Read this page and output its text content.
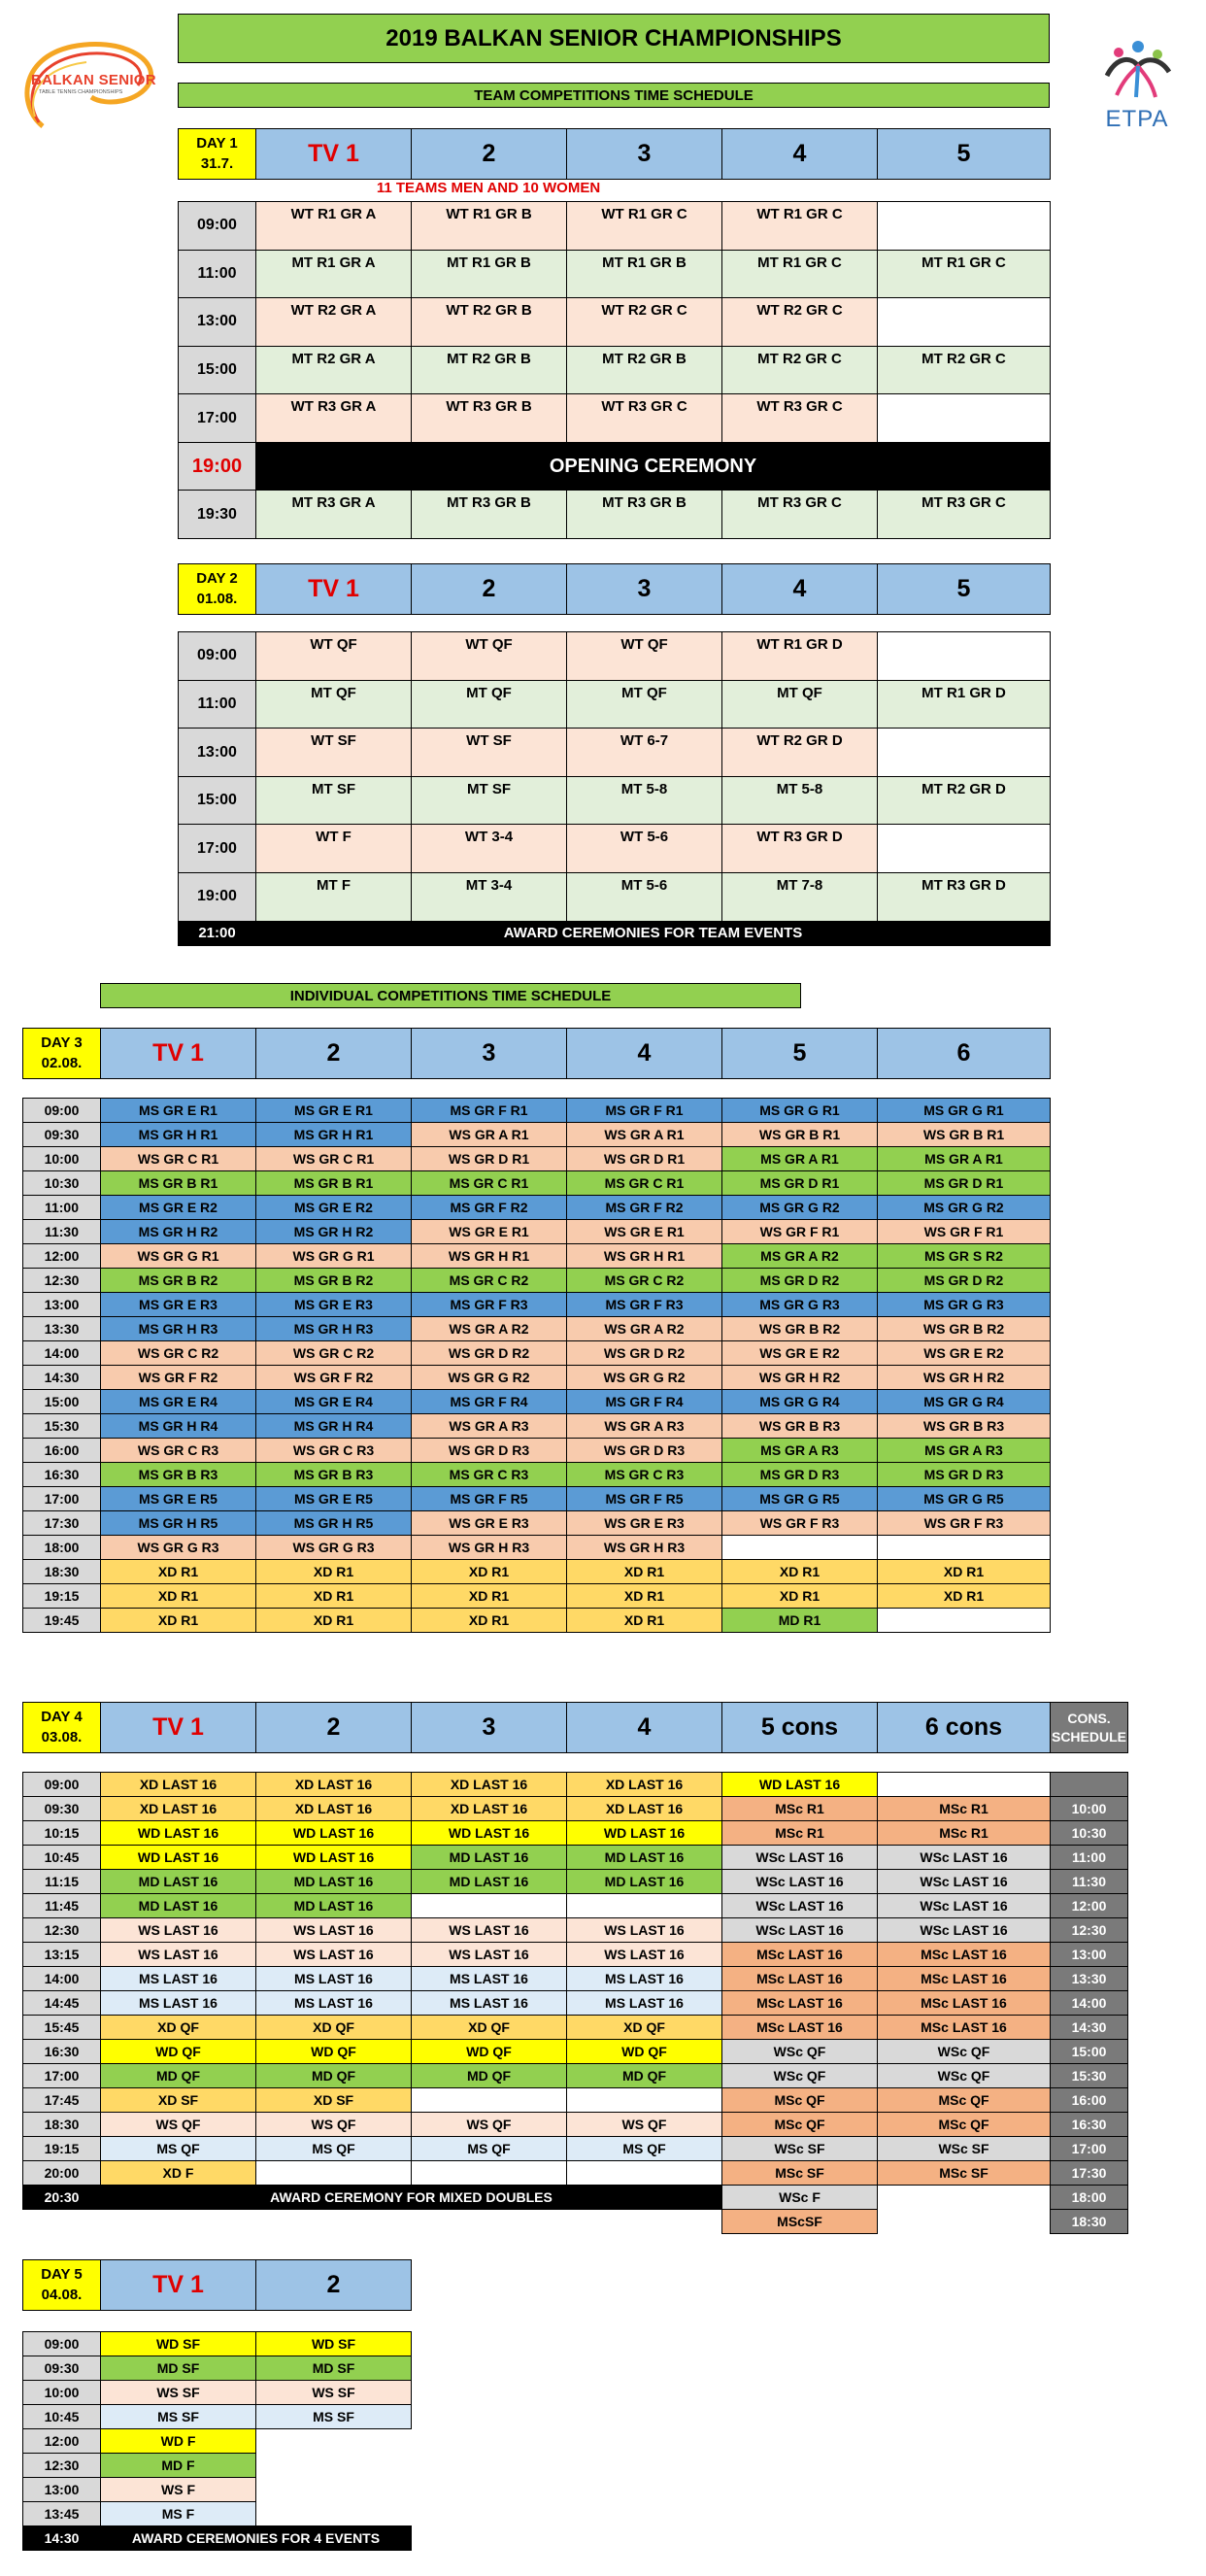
BALKAN SENIOR
TABLE TENNIS CHAMPIONSHIPS
ETPA
2019 BALKAN SENIOR CHAMPIONSHIPS
TEAM COMPETITIONS TIME SCHEDULE
DAY 1
31.7.	TV 1	2	3	4	5
11 TEAMS MEN AND 10 WOMEN
09:00	WT R1 GR A	WT R1 GR B	WT R1 GR C	WT R1 GR C	
11:00	MT R1 GR A	MT R1 GR B	MT R1 GR B	MT R1 GR C	MT R1 GR C
13:00	WT R2 GR A	WT R2 GR B	WT R2 GR C	WT R2 GR C	
15:00	MT R2 GR A	MT R2 GR B	MT R2 GR B	MT R2 GR C	MT R2 GR C
17:00	WT R3 GR A	WT R3 GR B	WT R3 GR C	WT R3 GR C	
19:00	OPENING CEREMONY				
19:30	MT R3 GR A	MT R3 GR B	MT R3 GR B	MT R3 GR C	MT R3 GR C
DAY 2
01.08.	TV 1	2	3	4	5
09:00	WT QF	WT QF	WT QF	WT R1 GR D	
11:00	MT QF	MT QF	MT QF	MT QF	MT R1 GR D
13:00	WT SF	WT SF	WT 6-7	WT R2 GR D	
15:00	MT SF	MT SF	MT 5-8	MT 5-8	MT R2 GR D
17:00	WT F	WT 3-4	WT 5-6	WT R3 GR D	
19:00	MT F	MT 3-4	MT 5-6	MT 7-8	MT R3 GR D
21:00	AWARD CEREMONIES FOR TEAM EVENTS				
INDIVIDUAL COMPETITIONS TIME SCHEDULE
DAY 3
02.08.	TV 1	2	3	4	5	6
09:00	MS GR E R1	MS GR E R1	MS GR F R1	MS GR F R1	MS GR G R1	MS GR G R1
09:30	MS GR H R1	MS GR H R1	WS GR A R1	WS GR A R1	WS GR B R1	WS GR B R1
10:00	WS GR C R1	WS GR C R1	WS GR D R1	WS GR D R1	MS GR A R1	MS GR A R1
10:30	MS GR B R1	MS GR B R1	MS GR C R1	MS GR C R1	MS GR D R1	MS GR D R1
11:00	MS GR E R2	MS GR E R2	MS GR F R2	MS GR F R2	MS GR G R2	MS GR G R2
11:30	MS GR H R2	MS GR H R2	WS GR E R1	WS GR E R1	WS GR F R1	WS GR F R1
12:00	WS GR G R1	WS GR G R1	WS GR H R1	WS GR H R1	MS GR A R2	MS GR S R2
12:30	MS GR B R2	MS GR B R2	MS GR C R2	MS GR C R2	MS GR D R2	MS GR D R2
13:00	MS GR E R3	MS GR E R3	MS GR F R3	MS GR F R3	MS GR G R3	MS GR G R3
13:30	MS GR H R3	MS GR H R3	WS GR A R2	WS GR A R2	WS GR B R2	WS GR B R2
14:00	WS GR C R2	WS GR C R2	WS GR D R2	WS GR D R2	WS GR E R2	WS GR E R2
14:30	WS GR F R2	WS GR F R2	WS GR G R2	WS GR G R2	WS GR H R2	WS GR H R2
15:00	MS GR E R4	MS GR E R4	MS GR F R4	MS GR F R4	MS GR G R4	MS GR G R4
15:30	MS GR H R4	MS GR H R4	WS GR A R3	WS GR A R3	WS GR B R3	WS GR B R3
16:00	WS GR C R3	WS GR C R3	WS GR D R3	WS GR D R3	MS GR A R3	MS GR A R3
16:30	MS GR B R3	MS GR B R3	MS GR C R3	MS GR C R3	MS GR D R3	MS GR D R3
17:00	MS GR E R5	MS GR E R5	MS GR F R5	MS GR F R5	MS GR G R5	MS GR G R5
17:30	MS GR H R5	MS GR H R5	WS GR E R3	WS GR E R3	WS GR F R3	WS GR F R3
18:00	WS GR G R3	WS GR G R3	WS GR H R3	WS GR H R3		
18:30	XD R1	XD R1	XD R1	XD R1	XD R1	XD R1
19:15	XD R1	XD R1	XD R1	XD R1	XD R1	XD R1
19:45	XD R1	XD R1	XD R1	XD R1	MD R1	
DAY 4
03.08.	TV 1	2	3	4	5 cons	6 cons	CONS.
SCHEDULE
09:00	XD LAST 16	XD LAST 16	XD LAST 16	XD LAST 16	WD LAST 16		
09:30	XD LAST 16	XD LAST 16	XD LAST 16	XD LAST 16	MSc R1	MSc R1	10:00
10:15	WD LAST 16	WD LAST 16	WD LAST 16	WD LAST 16	MSc R1	MSc R1	10:30
10:45	WD LAST 16	WD LAST 16	MD LAST 16	MD LAST 16	WSc LAST 16	WSc LAST 16	11:00
11:15	MD LAST 16	MD LAST 16	MD LAST 16	MD LAST 16	WSc LAST 16	WSc LAST 16	11:30
11:45	MD LAST 16	MD LAST 16			WSc LAST 16	WSc LAST 16	12:00
12:30	WS LAST 16	WS LAST 16	WS LAST 16	WS LAST 16	WSc LAST 16	WSc LAST 16	12:30
13:15	WS LAST 16	WS LAST 16	WS LAST 16	WS LAST 16	MSc LAST 16	MSc LAST 16	13:00
14:00	MS LAST 16	MS LAST 16	MS LAST 16	MS LAST 16	MSc LAST 16	MSc LAST 16	13:30
14:45	MS LAST 16	MS LAST 16	MS LAST 16	MS LAST 16	MSc LAST 16	MSc LAST 16	14:00
15:45	XD QF	XD QF	XD QF	XD QF	MSc LAST 16	MSc LAST 16	14:30
16:30	WD QF	WD QF	WD QF	WD QF	WSc QF	WSc QF	15:00
17:00	MD QF	MD QF	MD QF	MD QF	WSc QF	WSc QF	15:30
17:45	XD SF	XD SF			MSc QF	MSc QF	16:00
18:30	WS QF	WS QF	WS QF	WS QF	MSc QF	MSc QF	16:30
19:15	MS QF	MS QF	MS QF	MS QF	WSc SF	WSc SF	17:00
20:00	XD F				MSc SF	MSc SF	17:30
20:30	AWARD CEREMONY FOR MIXED DOUBLES				WSc F		18:00
					MScSF		18:30
DAY 5
04.08.	TV 1	2
09:00	WD SF	WD SF
09:30	MD SF	MD SF
10:00	WS SF	WS SF
10:45	MS SF	MS SF
12:00	WD F	
12:30	MD F	
13:00	WS F	
13:45	MS F	
14:30	AWARD CEREMONIES FOR 4 EVENTS	
